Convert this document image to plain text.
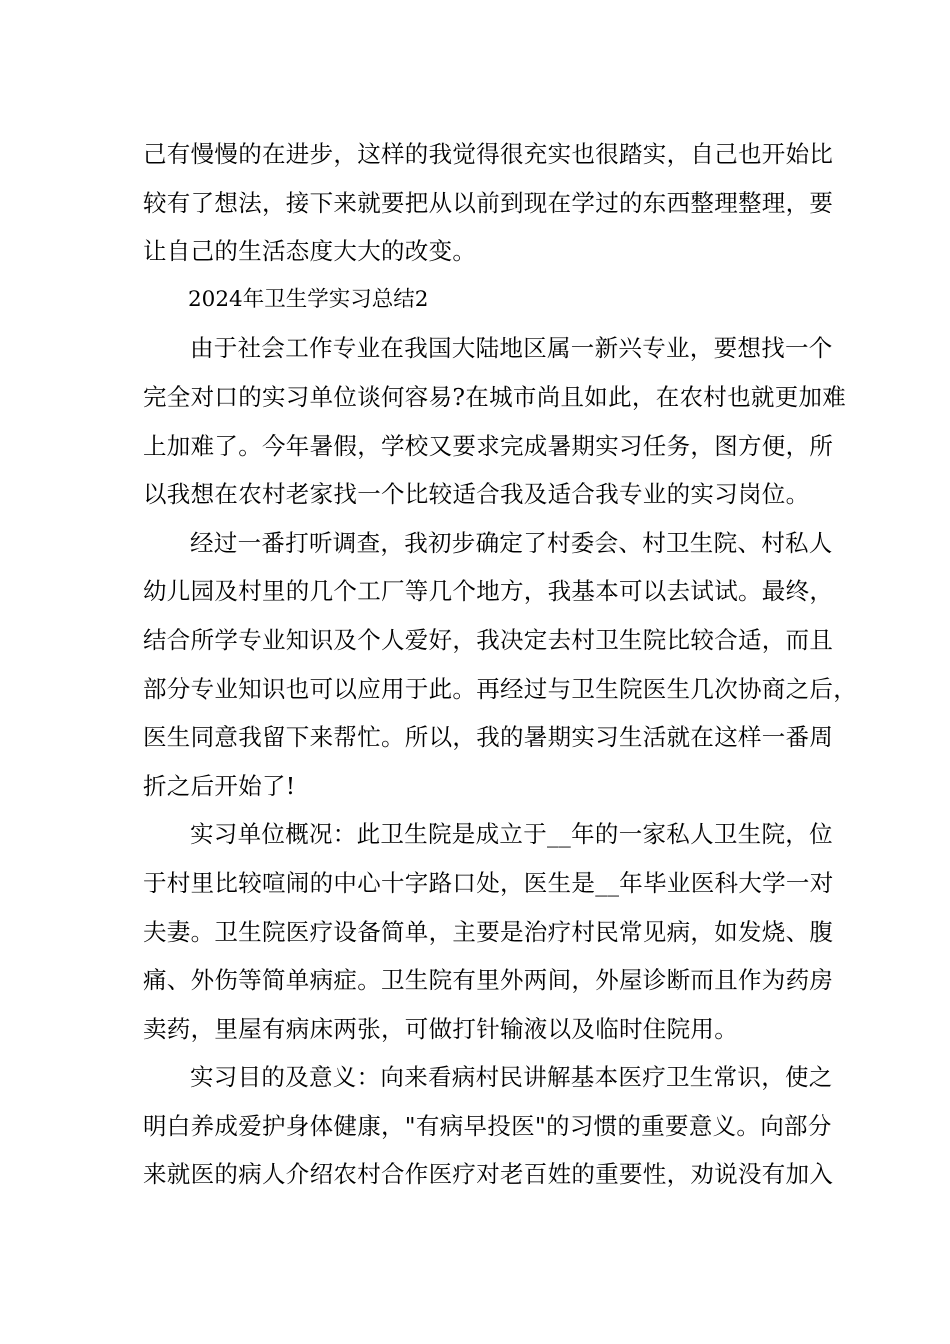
己有慢慢的在进步，这样的我觉得很充实也很踏实，自己也开始比
较有了想法，接下来就要把从以前到现在学过的东西整理整理，要
让自己的生活态度大大的改变。
2024年卫生学实习总结2
由于社会工作专业在我国大陆地区属一新兴专业，要想找一个
完全对口的实习单位谈何容易?在城市尚且如此，在农村也就更加难
上加难了。今年暑假，学校又要求完成暑期实习任务，图方便，所
以我想在农村老家找一个比较适合我及适合我专业的实习岗位。
经过一番打听调查，我初步确定了村委会、村卫生院、村私人
幼儿园及村里的几个工厂等几个地方，我基本可以去试试。最终，
结合所学专业知识及个人爱好，我决定去村卫生院比较合适，而且
部分专业知识也可以应用于此。再经过与卫生院医生几次协商之后，
医生同意我留下来帮忙。所以，我的暑期实习生活就在这样一番周
折之后开始了!
实习单位概况：此卫生院是成立于__年的一家私人卫生院，位
于村里比较喧闹的中心十字路口处，医生是__年毕业医科大学一对
夫妻。卫生院医疗设备简单，主要是治疗村民常见病，如发烧、腹
痛、外伤等简单病症。卫生院有里外两间，外屋诊断而且作为药房
卖药，里屋有病床两张，可做打针输液以及临时住院用。
实习目的及意义：向来看病村民讲解基本医疗卫生常识，使之
明白养成爱护身体健康，"有病早投医"的习惯的重要意义。向部分
来就医的病人介绍农村合作医疗对老百姓的重要性，劝说没有加入
